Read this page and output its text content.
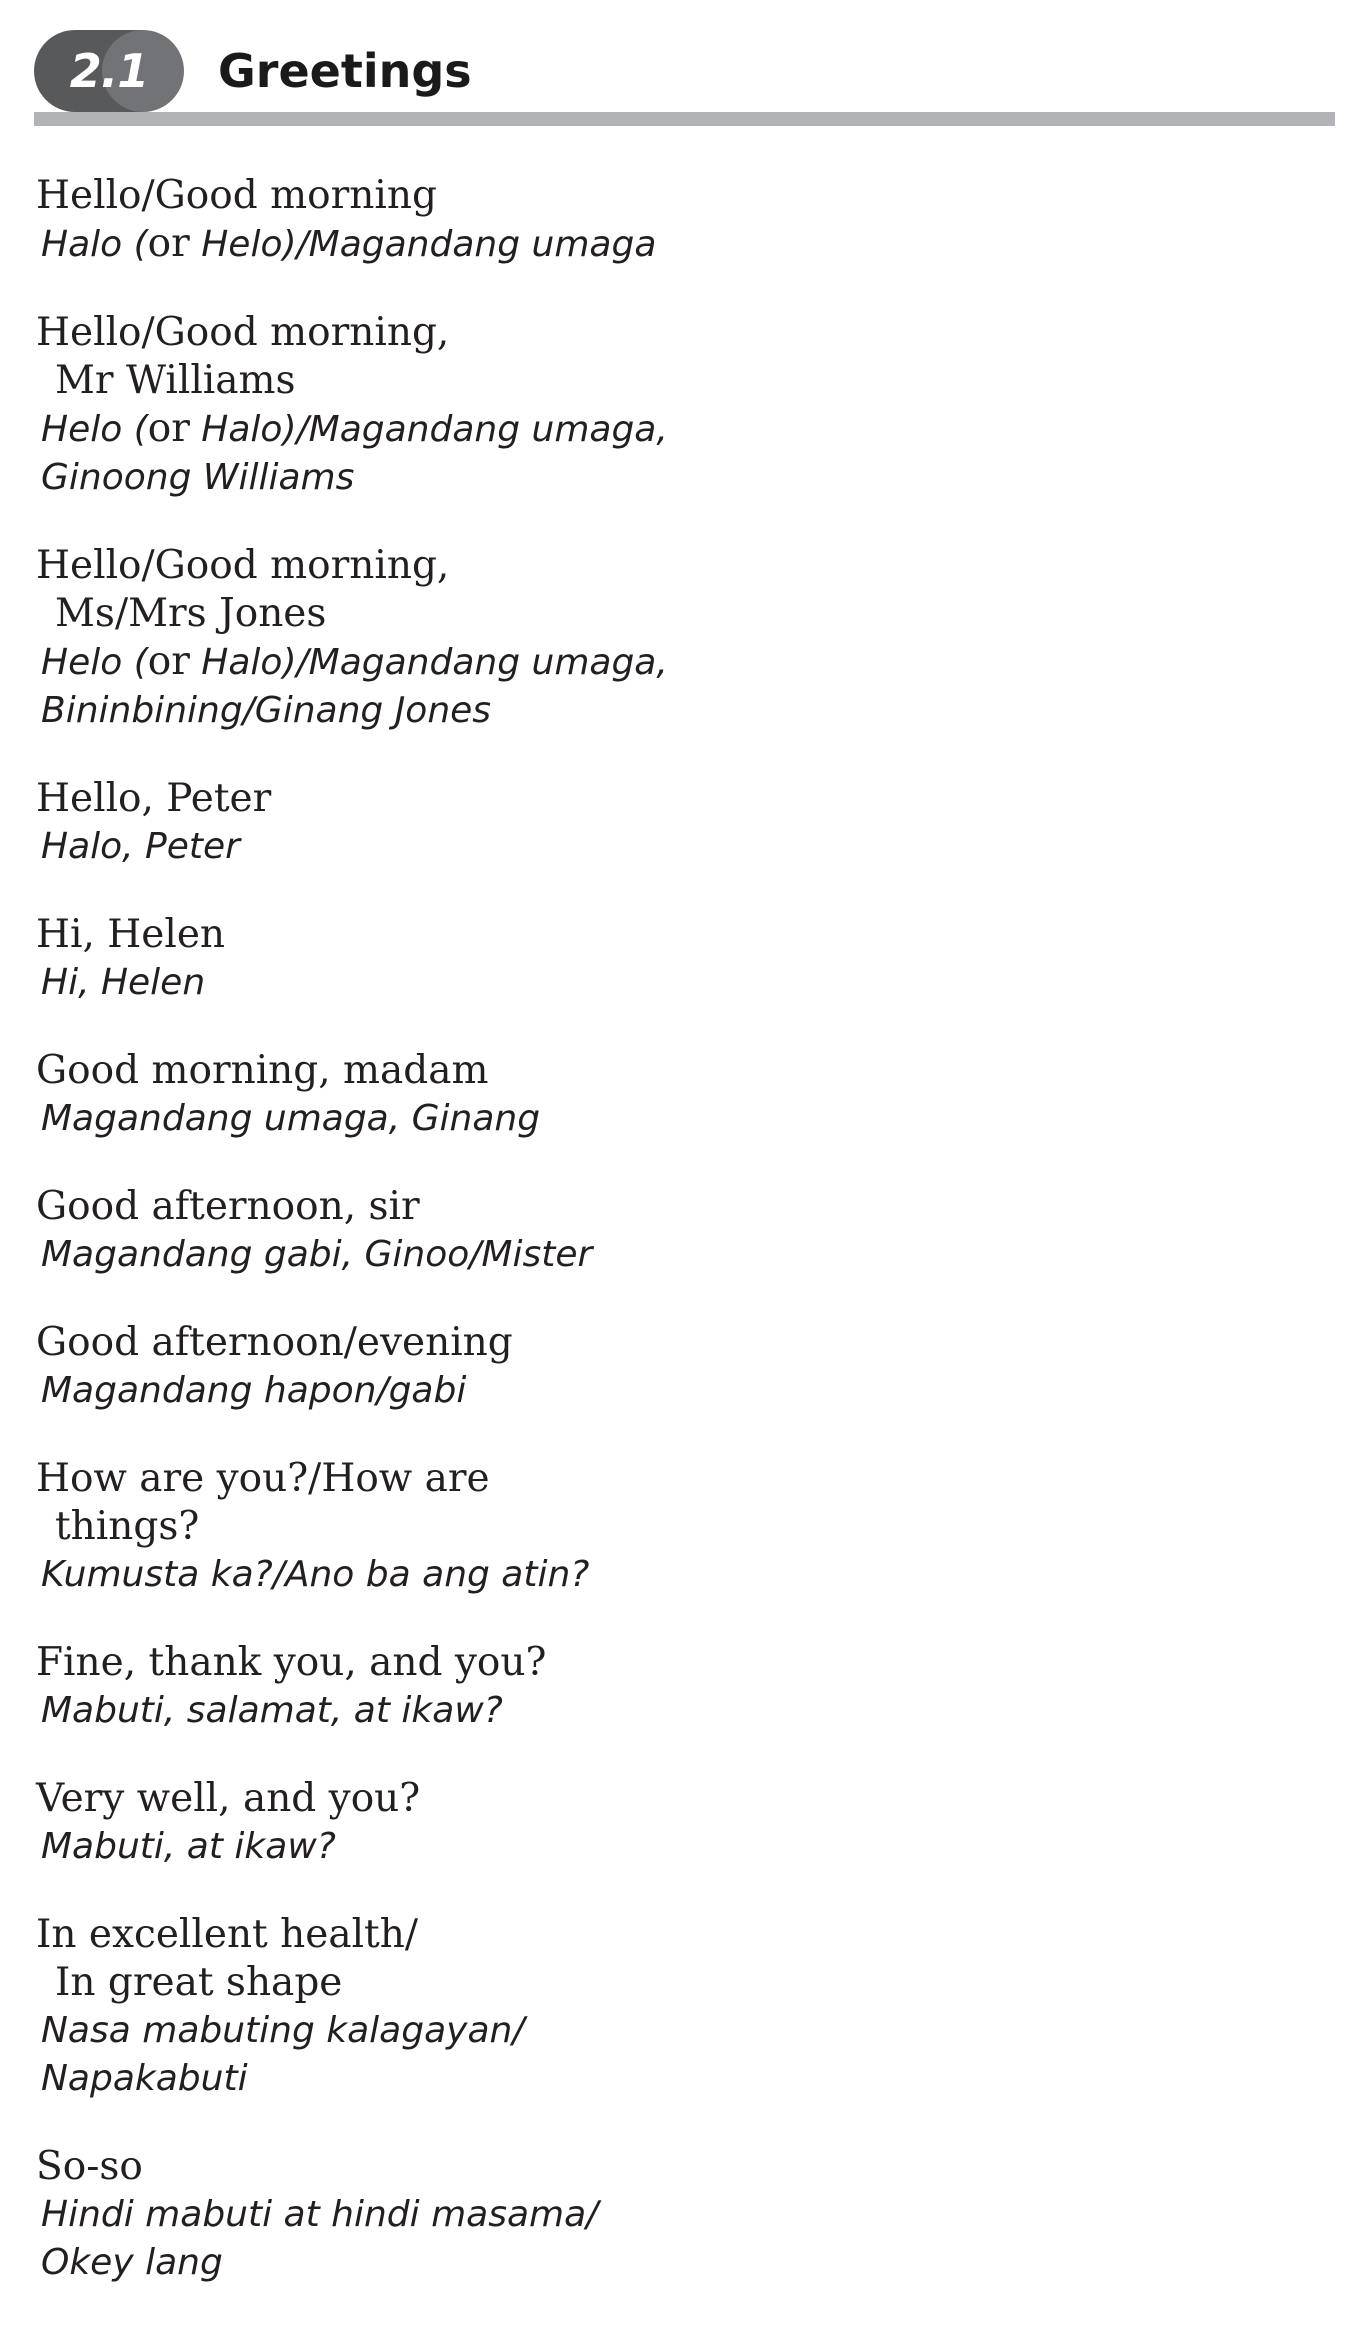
2.1	Greetings
Hello/Good morning
Halo (or Helo)/Magandang umaga
Hello/Good morning,
Mr Williams
Helo (or Halo)/Magandang umaga,
Ginoong Williams
Hello/Good morning,
Ms/Mrs Jones
Helo (or Halo)/Magandang umaga,
Bininbining/Ginang Jones
Hello, Peter
Halo, Peter
Hi, Helen
Hi, Helen
Good morning, madam
Magandang umaga, Ginang
Good afternoon, sir
Magandang gabi, Ginoo/Mister
Good afternoon/evening
Magandang hapon/gabi
How are you?/How are
things?
Kumusta ka?/Ano ba ang atin?
Fine, thank you, and you?
Mabuti, salamat, at ikaw?
Very well, and you?
Mabuti, at ikaw?
In excellent health/
In great shape
Nasa mabuting kalagayan/
Napakabuti
So-so
Hindi mabuti at hindi masama/
Okey lang
